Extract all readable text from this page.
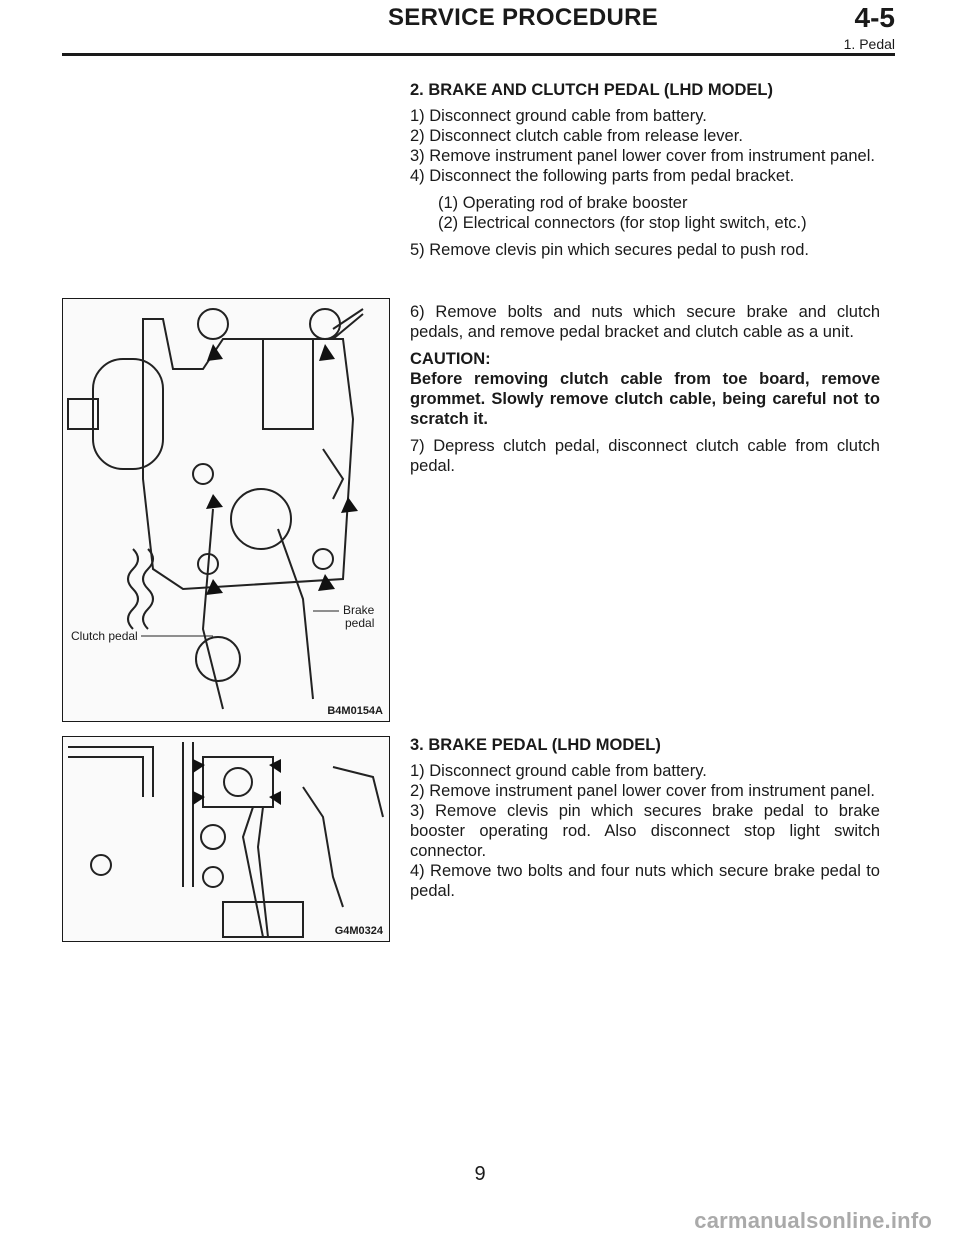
SERVICE PROCEDURE	4-5
1. Pedal

2. BRAKE AND CLUTCH PEDAL (LHD MODEL)

1) Disconnect ground cable from battery.

2) Disconnect clutch cable from release lever.

3) Remove instrument panel lower cover from instrument panel.

4) Disconnect the following parts from pedal bracket.

(1) Operating rod of brake booster

(2) Electrical connectors (for stop light switch, etc.)

5) Remove clevis pin which secures pedal to push rod.

6) Remove bolts and nuts which secure brake and clutch pedals, and remove pedal bracket and clutch cable as a unit.

CAUTION:

Before removing clutch cable from toe board, remove grommet. Slowly remove clutch cable, being careful not to scratch it.

7) Depress clutch pedal, disconnect clutch cable from clutch pedal.

Clutch pedal
Brake
pedal
B4M0154A

3. BRAKE PEDAL (LHD MODEL)

1) Disconnect ground cable from battery.

2) Remove instrument panel lower cover from instrument panel.

3) Remove clevis pin which secures brake pedal to brake booster operating rod. Also disconnect stop light switch connector.

4) Remove two bolts and four nuts which secure brake pedal to pedal.

G4M0324
9
carmanualsonline.info
